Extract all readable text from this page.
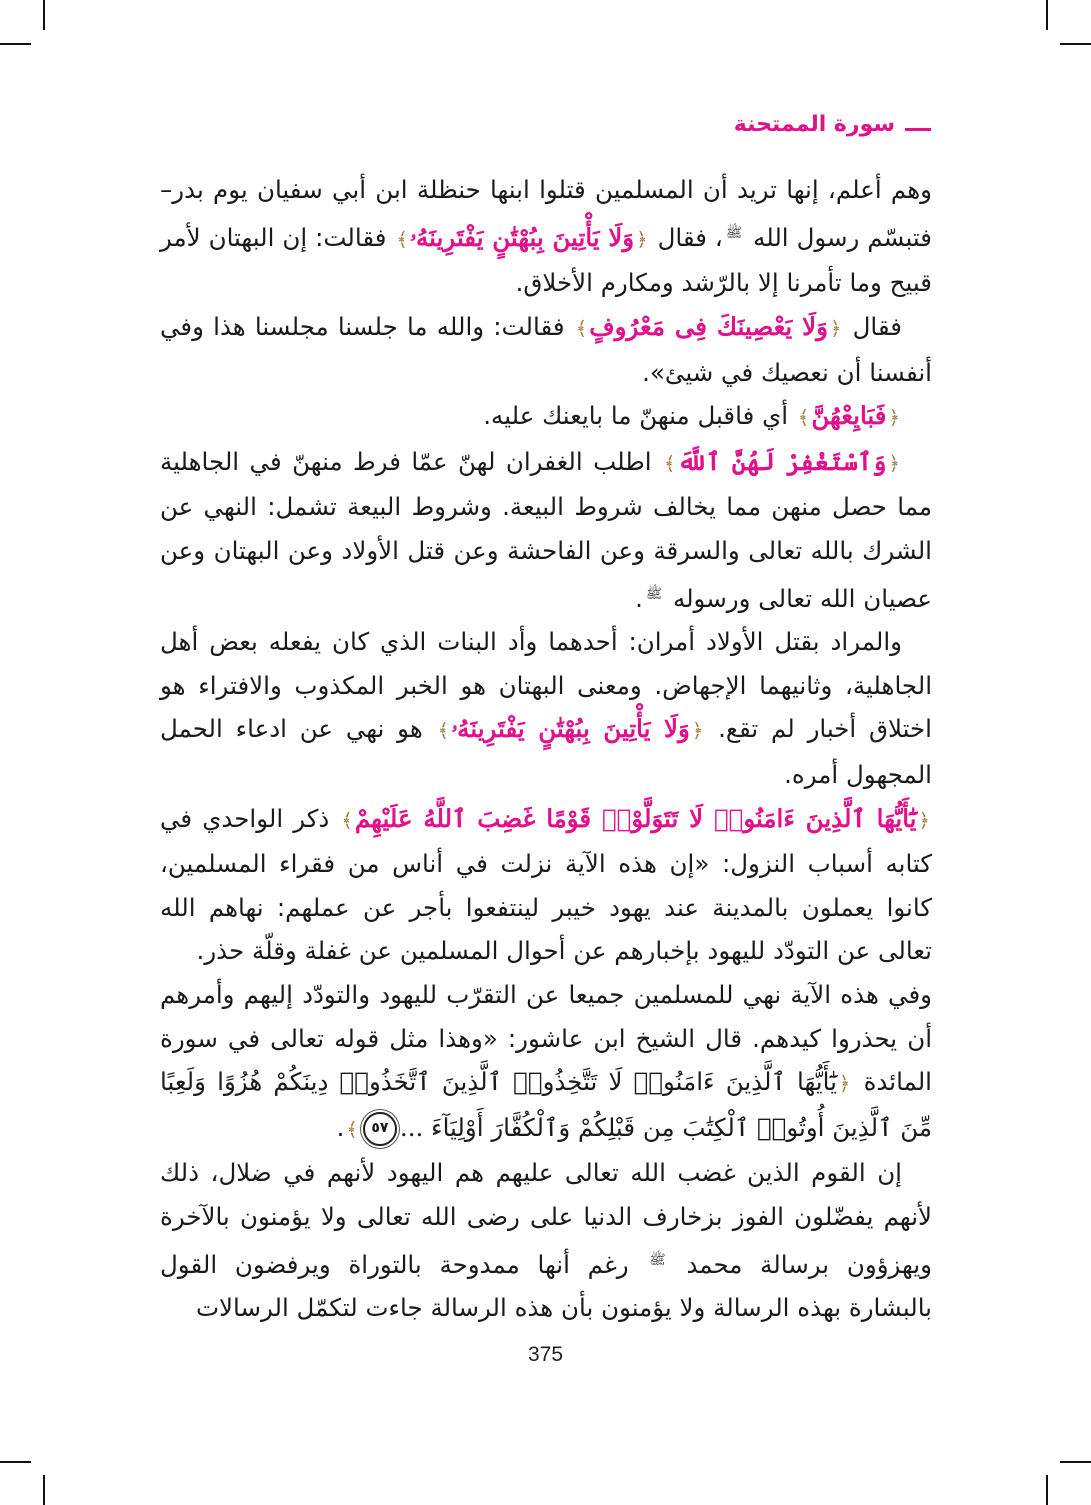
سورة الممتحنة

وهم أعلم، إنها تريد أن المسلمين قتلوا ابنها حنظلة ابن أبي سفيان يوم بدر– فتبسّم رسول الله $^ﷺ$، فقال ﴿وَلَا يَأْتِينَ بِبُهْتَٰنٍ يَفْتَرِينَهُۥ﴾ فقالت: إن البهتان لأمر قبيح وما تأمرنا إلا بالرّشد ومكارم الأخلاق.

فقال ﴿وَلَا يَعْصِينَكَ فِى مَعْرُوفٍ﴾ فقالت: والله ما جلسنا مجلسنا هذا وفي أنفسنا أن نعصيك في شيئ».

﴿فَبَايِعْهُنَّ﴾ أي فاقبل منهنّ ما بايعنك عليه.

﴿وَٱسْتَغْفِرْ لَهُنَّ ٱللَّهَ﴾ اطلب الغفران لهنّ عمّا فرط منهنّ في الجاهلية مما حصل منهن مما يخالف شروط البيعة. وشروط البيعة تشمل: النهي عن الشرك بالله تعالى والسرقة وعن الفاحشة وعن قتل الأولاد وعن البهتان وعن عصيان الله تعالى ورسوله $^ﷺ$.

والمراد بقتل الأولاد أمران: أحدهما وأد البنات الذي كان يفعله بعض أهل الجاهلية، وثانيهما الإجهاض. ومعنى البهتان هو الخبر المكذوب والافتراء هو اختلاق أخبار لم تقع. ﴿وَلَا يَأْتِينَ بِبُهْتَٰنٍ يَفْتَرِينَهُۥ﴾ هو نهي عن ادعاء الحمل المجهول أمره.

﴿يَٰٓأَيُّهَا ٱلَّذِينَ ءَامَنُوا۟ لَا تَتَوَلَّوْا۟ قَوْمًا غَضِبَ ٱللَّهُ عَلَيْهِمْ﴾ ذكر الواحدي في كتابه أسباب النزول: «إن هذه الآية نزلت في أناس من فقراء المسلمين، كانوا يعملون بالمدينة عند يهود خيبر لينتفعوا بأجر عن عملهم: نهاهم الله تعالى عن التودّد لليهود بإخبارهم عن أحوال المسلمين عن غفلة وقلّة حذر.

وفي هذه الآية نهي للمسلمين جميعا عن التقرّب لليهود والتودّد إليهم وأمرهم أن يحذروا كيدهم. قال الشيخ ابن عاشور: «وهذا مثل قوله تعالى في سورة المائدة ﴿يَٰٓأَيُّهَا ٱلَّذِينَ ءَامَنُوا۟ لَا تَتَّخِذُوا۟ ٱلَّذِينَ ٱتَّخَذُوا۟ دِينَكُمْ هُزُوًا وَلَعِبًا مِّنَ ٱلَّذِينَ أُوتُوا۟ ٱلْكِتَٰبَ مِن قَبْلِكُمْ وَٱلْكُفَّارَ أَوْلِيَآءَ ...٥٧﴾.

إن القوم الذين غضب الله تعالى عليهم هم اليهود لأنهم في ضلال، ذلك لأنهم يفضّلون الفوز بزخارف الدنيا على رضى الله تعالى ولا يؤمنون بالآخرة ويهزؤون برسالة محمد $^ﷺ$ رغم أنها ممدوحة بالتوراة ويرفضون القول بالبشارة بهذه الرسالة ولا يؤمنون بأن هذه الرسالة جاءت لتكمّل الرسالات

375
